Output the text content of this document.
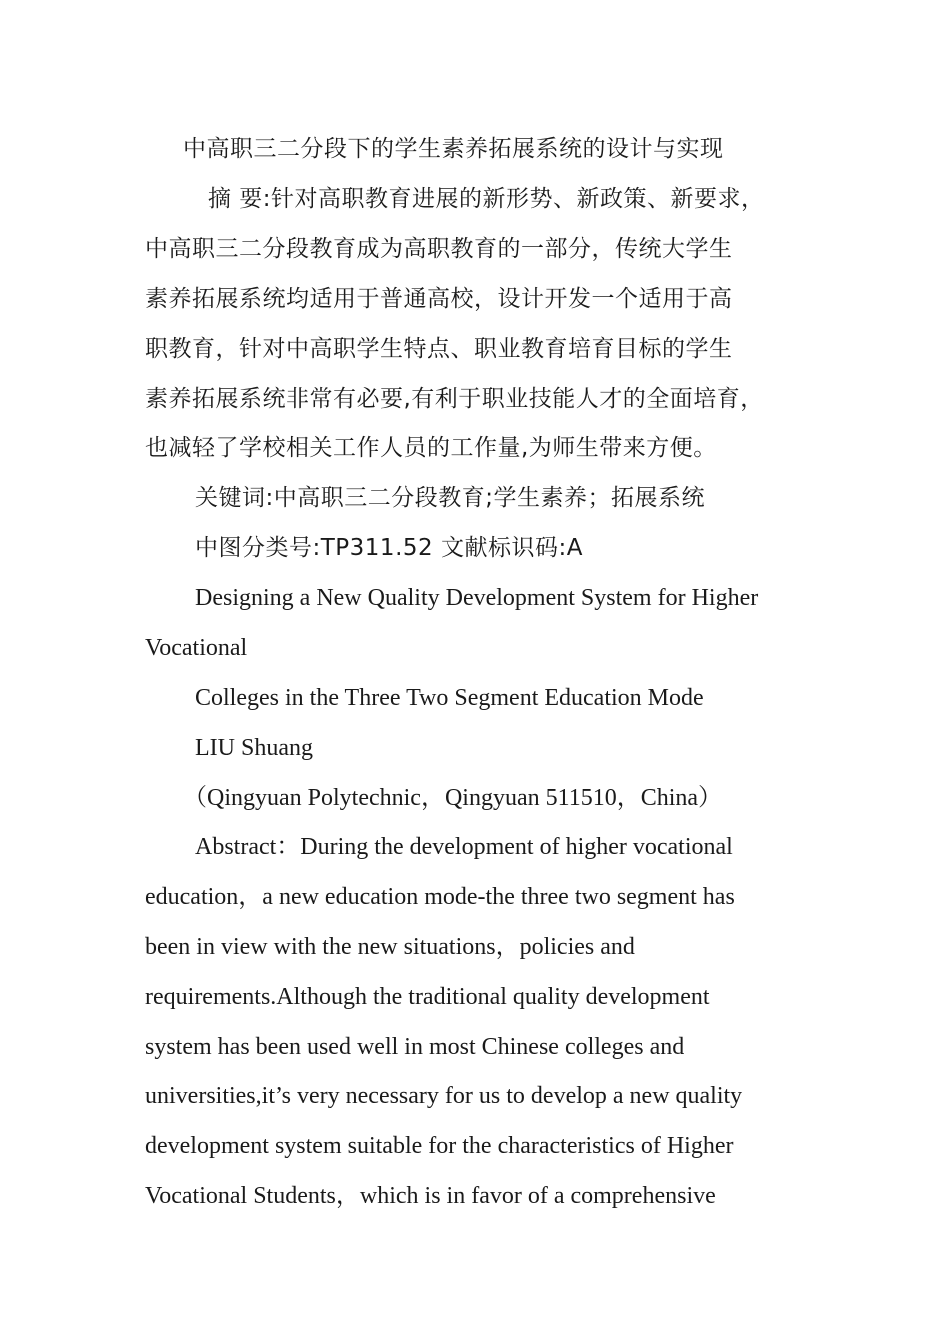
中高职三二分段下的学生素养拓展系统的设计与实现
摘 要:针对高职教育进展的新形势、新政策、新要求，
中高职三二分段教育成为高职教育的一部分，传统大学生
素养拓展系统均适用于普通高校，设计开发一个适用于高
职教育，针对中高职学生特点、职业教育培育目标的学生
素养拓展系统非常有必要,有利于职业技能人才的全面培育，
也减轻了学校相关工作人员的工作量,为师生带来方便。
关键词:中高职三二分段教育;学生素养；拓展系统
中图分类号:TP311.52 文献标识码:A
Designing a New Quality Development System for Higher
Vocational
Colleges in the Three Two Segment Education Mode
LIU Shuang
（Qingyuan Polytechnic，Qingyuan 511510，China）
Abstract：During the development of higher vocational
education，a new education mode-the three two segment has
been in view with the new situations，policies and
requirements.Although the traditional quality development
system has been used well in most Chinese colleges and
universities,it’s very necessary for us to develop a new quality
development system suitable for the characteristics of Higher
Vocational Students，which is in favor of a comprehensive
